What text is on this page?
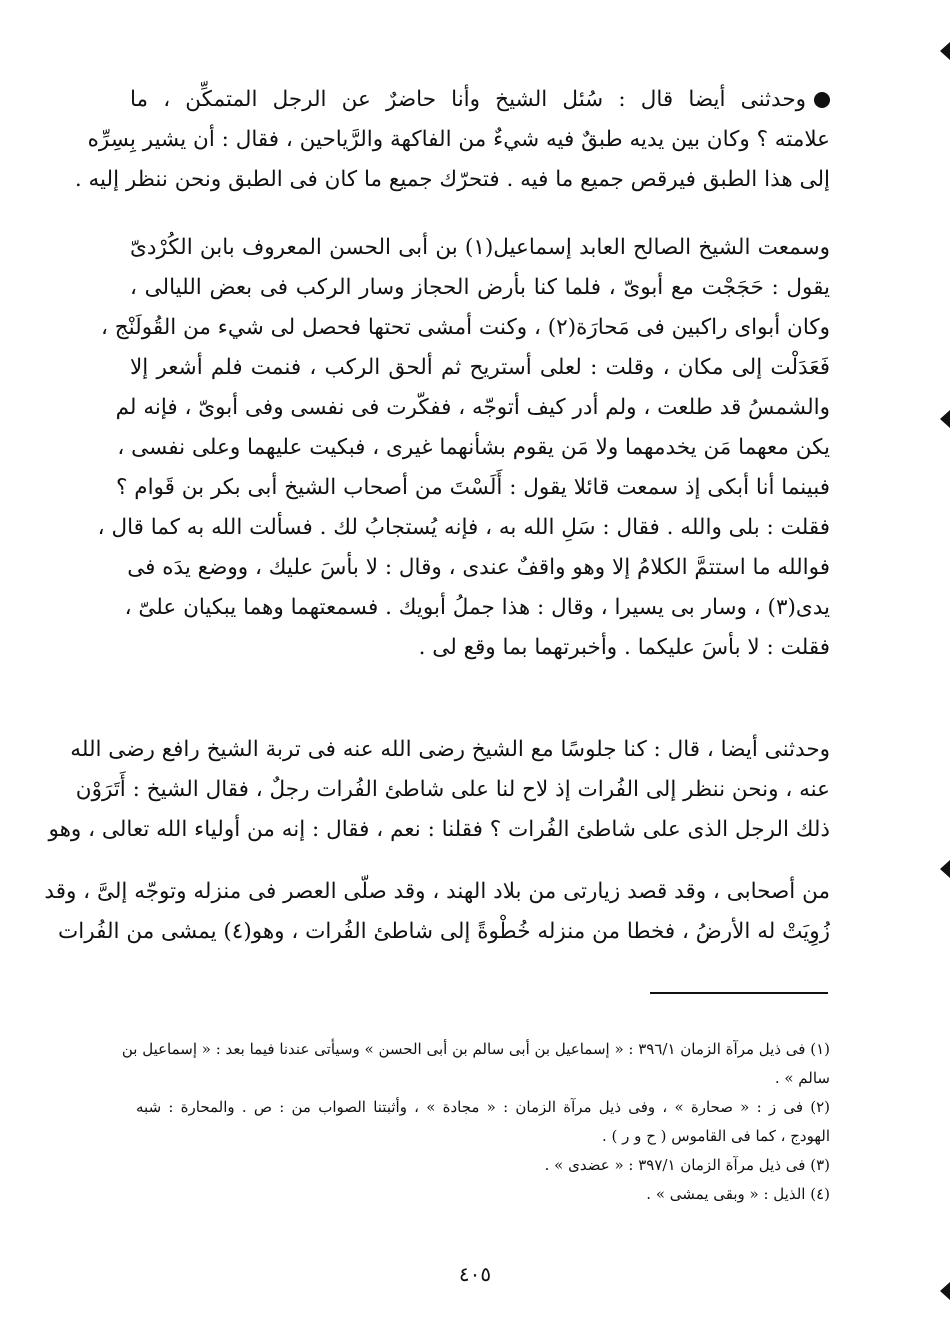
وحدثنى أيضا قال : سُئل الشيخ وأنا حاضرٌ عن الرجل المتمكِّن ، ما
علامته ؟ وكان بين يديه طبقٌ فيه شيءٌ من الفاكهة والرَّياحين ، فقال : أن يشير بِسِرِّه
إلى هذا الطبق فيرقص جميع ما فيه . فتحرّك جميع ما كان فى الطبق ونحن ننظر إليه .
وسمعت الشيخ الصالح العابد إسماعيل(١) بن أبى الحسن المعروف بابن الكُرْدىّ
يقول : حَجَجْت مع أبوىّ ، فلما كنا بأرض الحجاز وسار الركب فى بعض الليالى ،
وكان أبواى راكبين فى مَحارَة(٢) ، وكنت أمشى تحتها فحصل لى شيء من القُولَنْج ،
فَعَدَلْت إلى مكان ، وقلت : لعلى أستريح ثم ألحق الركب ، فنمت فلم أشعر إلا
والشمسُ قد طلعت ، ولم أدر كيف أتوجّه ، ففكّرت فى نفسى وفى أبوىّ ، فإنه لم
يكن معهما مَن يخدمهما ولا مَن يقوم بشأنهما غيرى ، فبكيت عليهما وعلى نفسى ،
فبينما أنا أبكى إذ سمعت قائلا يقول : أَلَسْتَ من أصحاب الشيخ أبى بكر بن قَوام ؟
فقلت : بلى والله . فقال : سَلِ الله به ، فإنه يُستجابُ لك . فسألت الله به كما قال ،
فوالله ما استتمَّ الكلامُ إلا وهو واقفٌ عندى ، وقال : لا بأسَ عليك ، ووضع يدَه فى
يدى(٣) ، وسار بى يسيرا ، وقال : هذا جملُ أبويك . فسمعتهما وهما يبكيان علىّ ،
فقلت : لا بأسَ عليكما . وأخبرتهما بما وقع لى .
وحدثنى أيضا ، قال : كنا جلوسًا مع الشيخ رضى الله عنه فى تربة الشيخ رافع رضى الله
عنه ، ونحن ننظر إلى الفُرات إذ لاح لنا على شاطئ الفُرات رجلٌ ، فقال الشيخ : أَتَرَوْن
ذلك الرجل الذى على شاطئ الفُرات ؟ فقلنا : نعم ، فقال : إنه من أولياء الله تعالى ، وهو
من أصحابى ، وقد قصد زيارتى من بلاد الهند ، وقد صلّى العصر فى منزله وتوجّه إلىَّ ، وقد
زُوِيَتْ له الأرضُ ، فخطا من منزله خُطْوةً إلى شاطئ الفُرات ، وهو(٤) يمشى من الفُرات
(١) فى ذيل مرآة الزمان ٣٩٦/١ : « إسماعيل بن أبى سالم بن أبى الحسن » وسيأتى عندنا فيما بعد : « إسماعيل بن
سالم » .
(٢) فى ز : « صحارة » ، وفى ذيل مرآة الزمان : « مجادة » ، وأثبتنا الصواب من : ص . والمحارة : شبه
الهودج ، كما فى القاموس ( ح و ر ) .
(٣) فى ذيل مرآة الزمان ٣٩٧/١ : « عضدى » .
(٤) الذيل : « وبقى يمشى » .
٤٠٥
